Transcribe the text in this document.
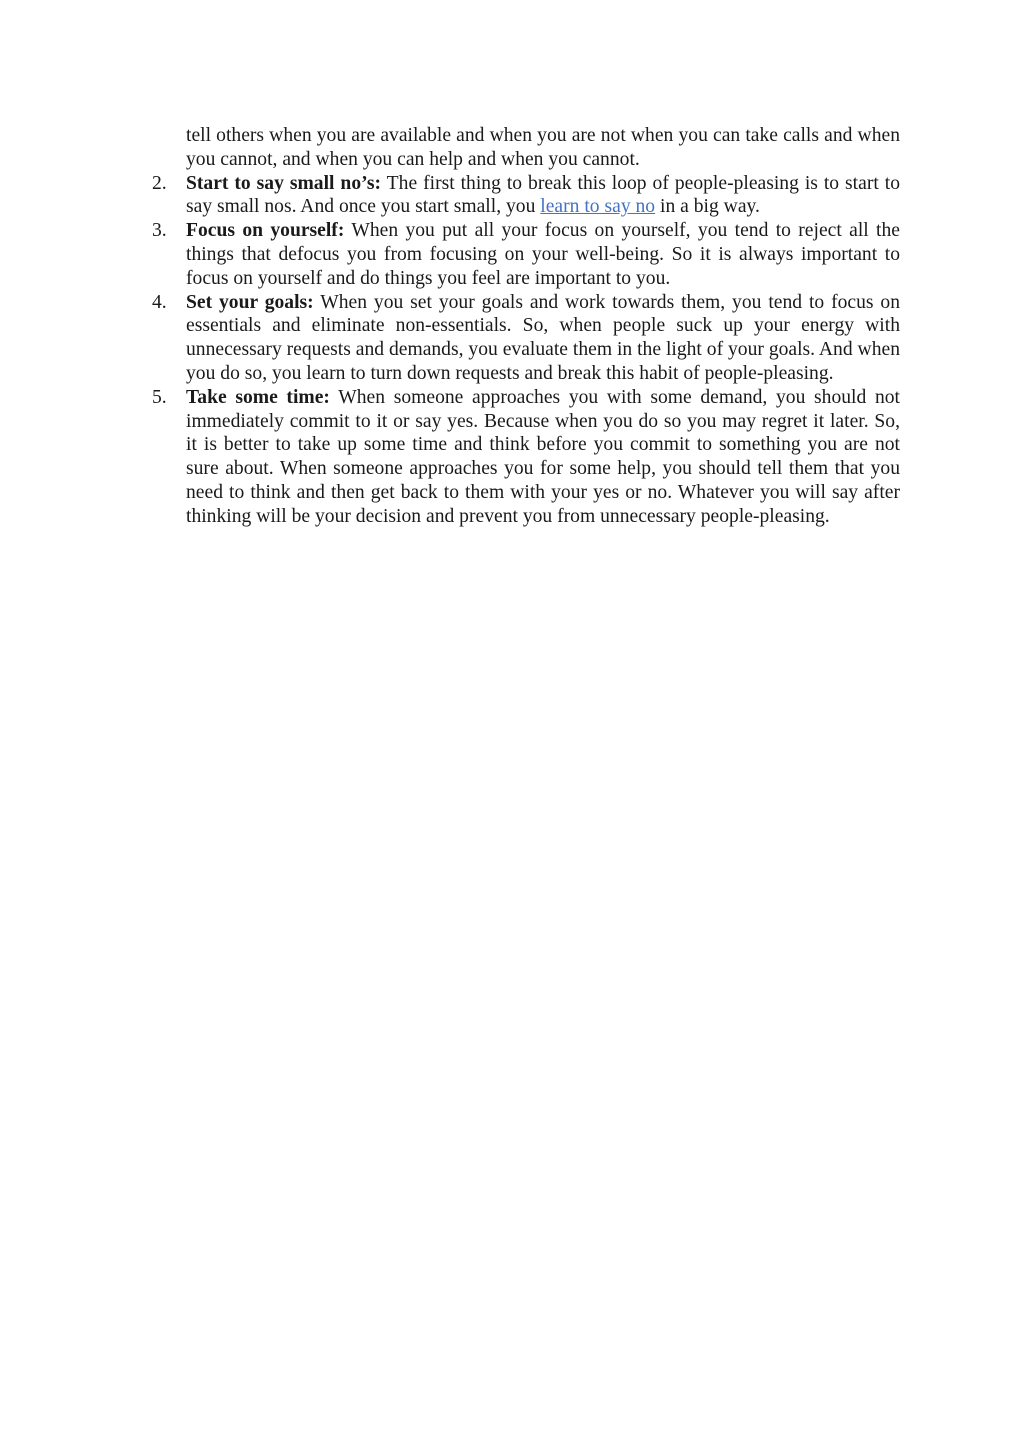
tell others when you are available and when you are not when you can take calls and when you cannot, and when you can help and when you cannot.

2. Start to say small no’s: The first thing to break this loop of people-pleasing is to start to say small nos. And once you start small, you learn to say no in a big way.
3. Focus on yourself: When you put all your focus on yourself, you tend to reject all the things that defocus you from focusing on your well-being. So it is always important to focus on yourself and do things you feel are important to you.
4. Set your goals: When you set your goals and work towards them, you tend to focus on essentials and eliminate non-essentials. So, when people suck up your energy with unnecessary requests and demands, you evaluate them in the light of your goals. And when you do so, you learn to turn down requests and break this habit of people-pleasing.
5. Take some time: When someone approaches you with some demand, you should not immediately commit to it or say yes. Because when you do so you may regret it later. So, it is better to take up some time and think before you commit to something you are not sure about. When someone approaches you for some help, you should tell them that you need to think and then get back to them with your yes or no. Whatever you will say after thinking will be your decision and prevent you from unnecessary people-pleasing.
